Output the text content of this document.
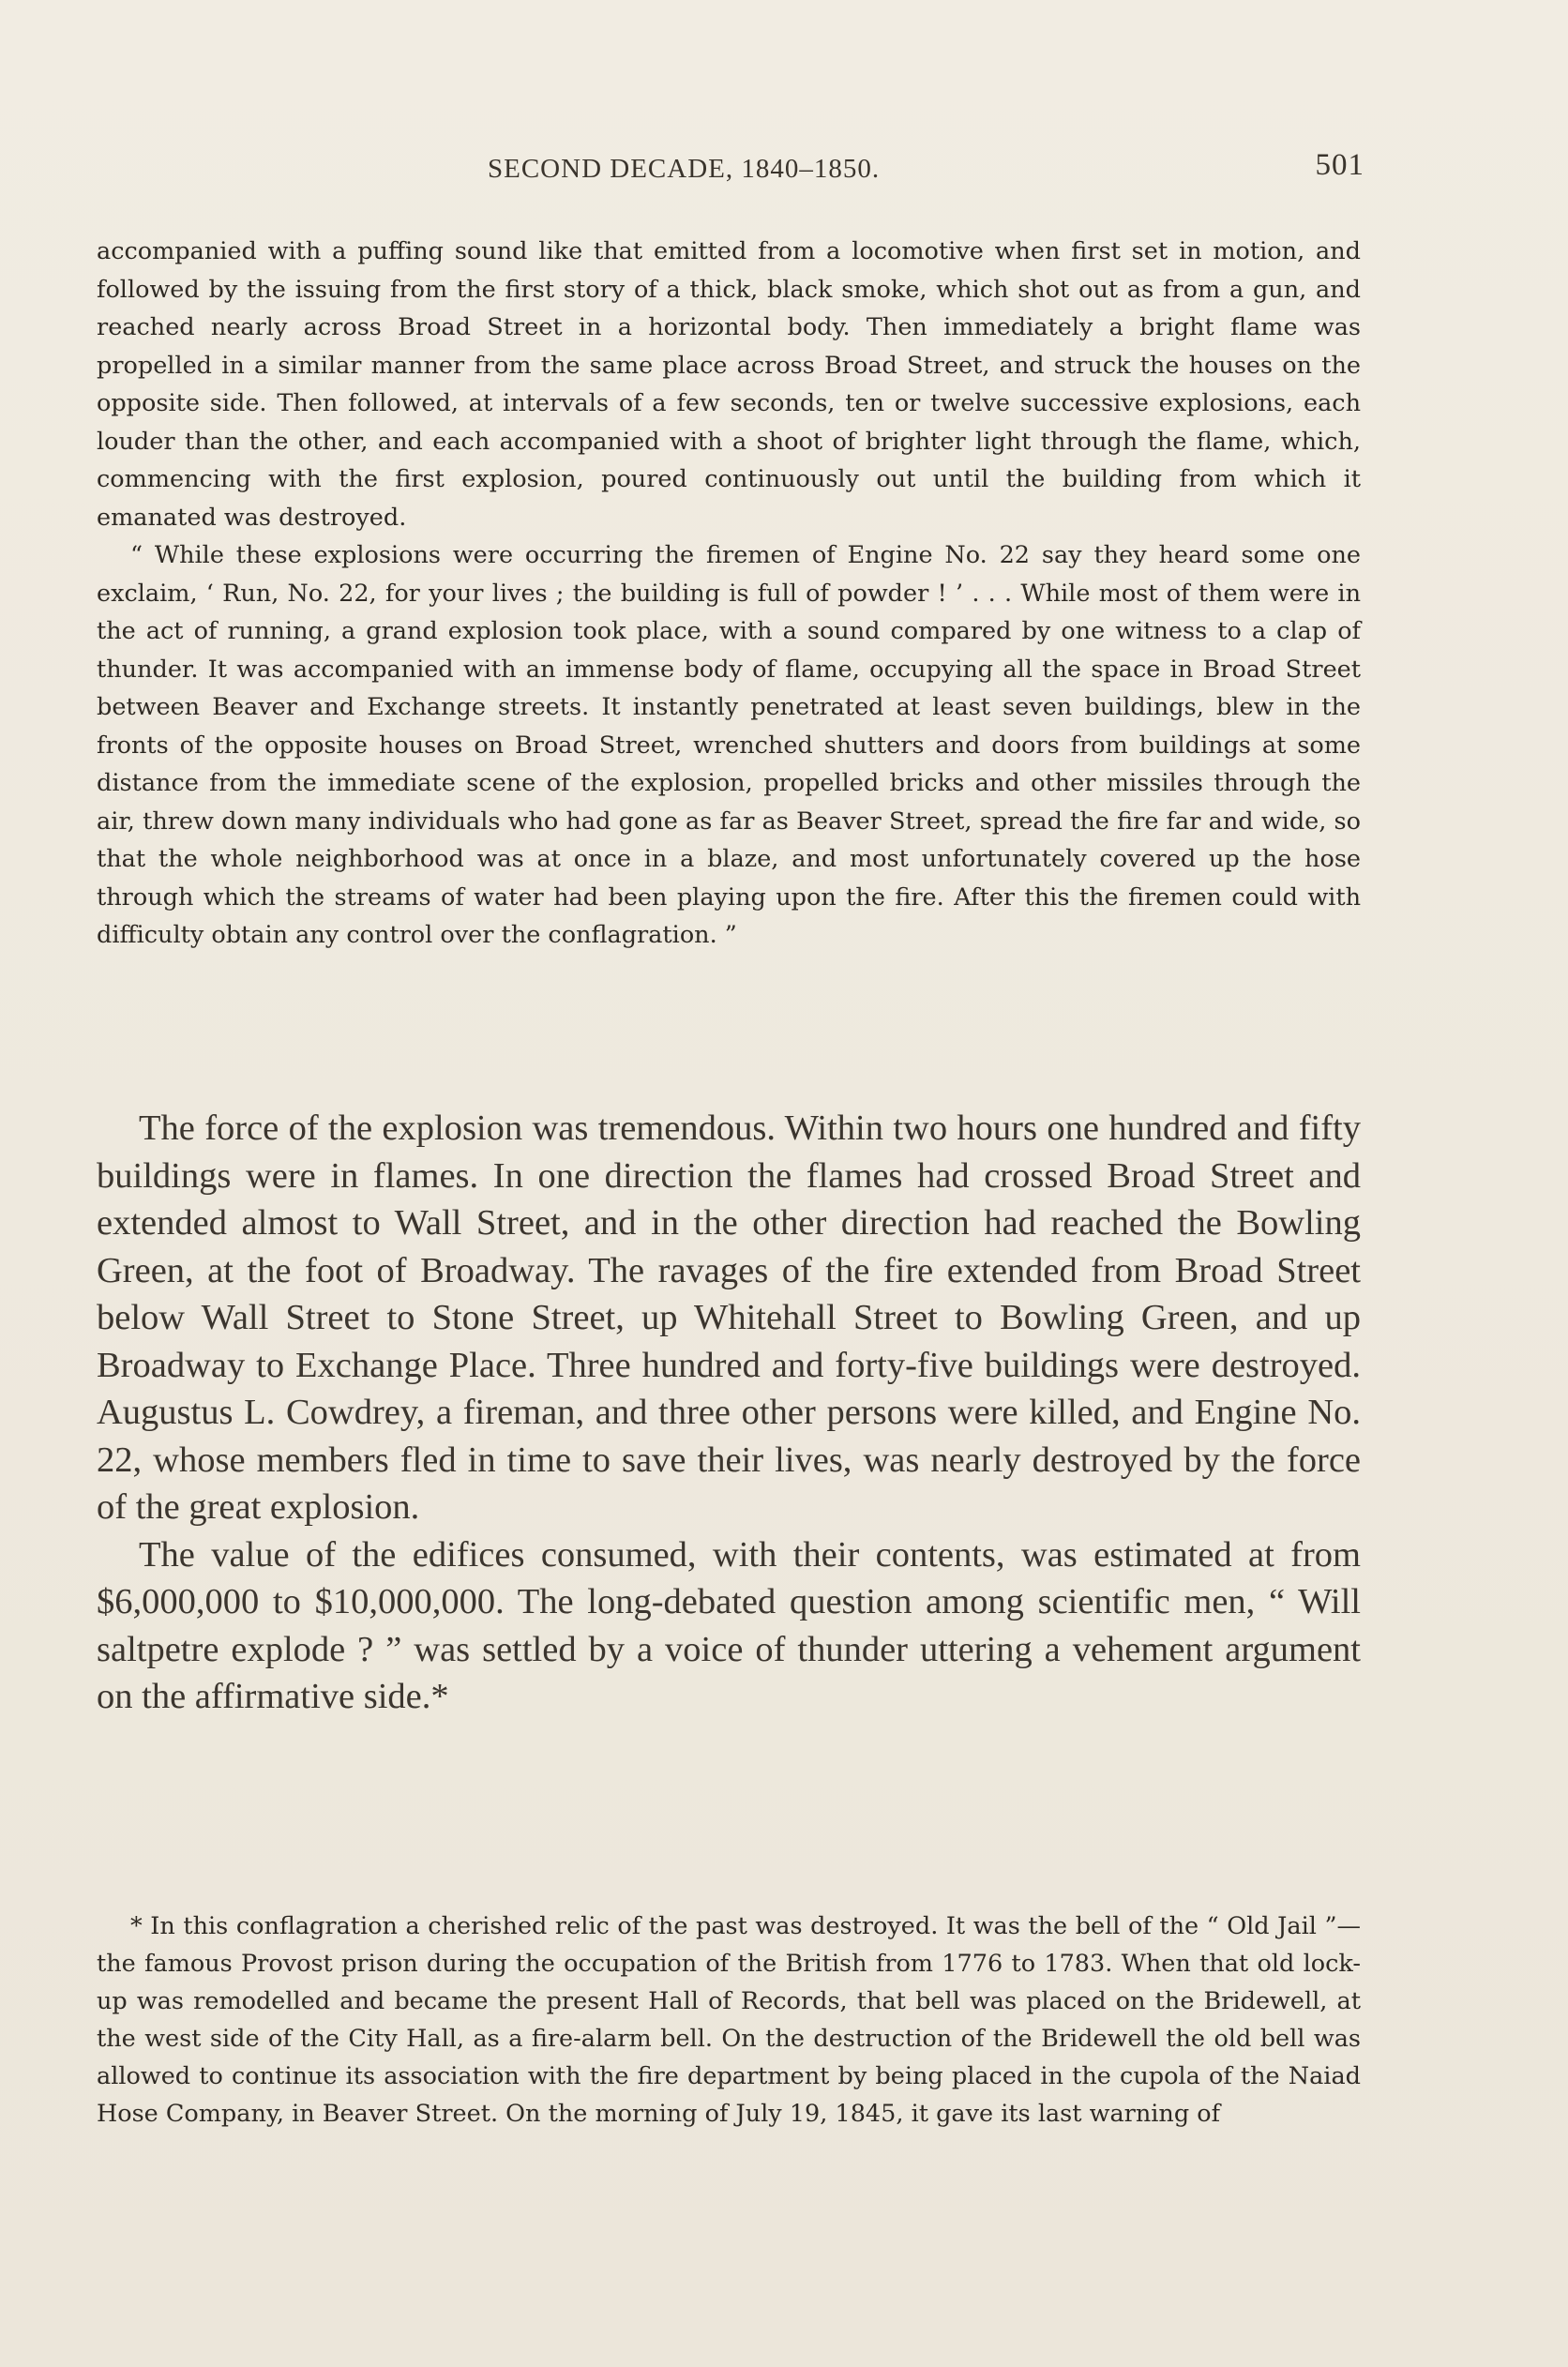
SECOND DECADE, 1840–1850.	501

accompanied with a puffing sound like that emitted from a locomotive when first set in motion, and followed by the issuing from the first story of a thick, black smoke, which shot out as from a gun, and reached nearly across Broad Street in a horizontal body. Then immediately a bright flame was propelled in a similar manner from the same place across Broad Street, and struck the houses on the opposite side. Then followed, at intervals of a few seconds, ten or twelve successive explosions, each louder than the other, and each accompanied with a shoot of brighter light through the flame, which, commencing with the first explosion, poured continuously out until the building from which it emanated was destroyed.

“ While these explosions were occurring the firemen of Engine No. 22 say they heard some one exclaim, ‘ Run, No. 22, for your lives ; the building is full of powder ! ’ . . . While most of them were in the act of running, a grand explosion took place, with a sound compared by one witness to a clap of thunder. It was accompanied with an immense body of flame, occupying all the space in Broad Street between Beaver and Exchange streets. It instantly penetrated at least seven buildings, blew in the fronts of the opposite houses on Broad Street, wrenched shutters and doors from buildings at some distance from the immediate scene of the explosion, propelled bricks and other missiles through the air, threw down many individuals who had gone as far as Beaver Street, spread the fire far and wide, so that the whole neighborhood was at once in a blaze, and most unfortunately covered up the hose through which the streams of water had been playing upon the fire. After this the firemen could with difficulty obtain any control over the conflagration. ”

The force of the explosion was tremendous. Within two hours one hundred and fifty buildings were in flames. In one direction the flames had crossed Broad Street and extended almost to Wall Street, and in the other direction had reached the Bowling Green, at the foot of Broadway. The ravages of the fire extended from Broad Street below Wall Street to Stone Street, up Whitehall Street to Bowling Green, and up Broadway to Exchange Place. Three hundred and forty-five buildings were destroyed. Augustus L. Cowdrey, a fireman, and three other persons were killed, and Engine No. 22, whose members fled in time to save their lives, was nearly destroyed by the force of the great explosion.

The value of the edifices consumed, with their contents, was estimated at from $6,000,000 to $10,000,000. The long-debated question among scientific men, “ Will saltpetre explode ? ” was settled by a voice of thunder uttering a vehement argument on the affirmative side.*

* In this conflagration a cherished relic of the past was destroyed. It was the bell of the “ Old Jail ”—the famous Provost prison during the occupation of the British from 1776 to 1783. When that old lock-up was remodelled and became the present Hall of Records, that bell was placed on the Bridewell, at the west side of the City Hall, as a fire-alarm bell. On the destruction of the Bridewell the old bell was allowed to continue its association with the fire department by being placed in the cupola of the Naiad Hose Company, in Beaver Street. On the morning of July 19, 1845, it gave its last warning of
